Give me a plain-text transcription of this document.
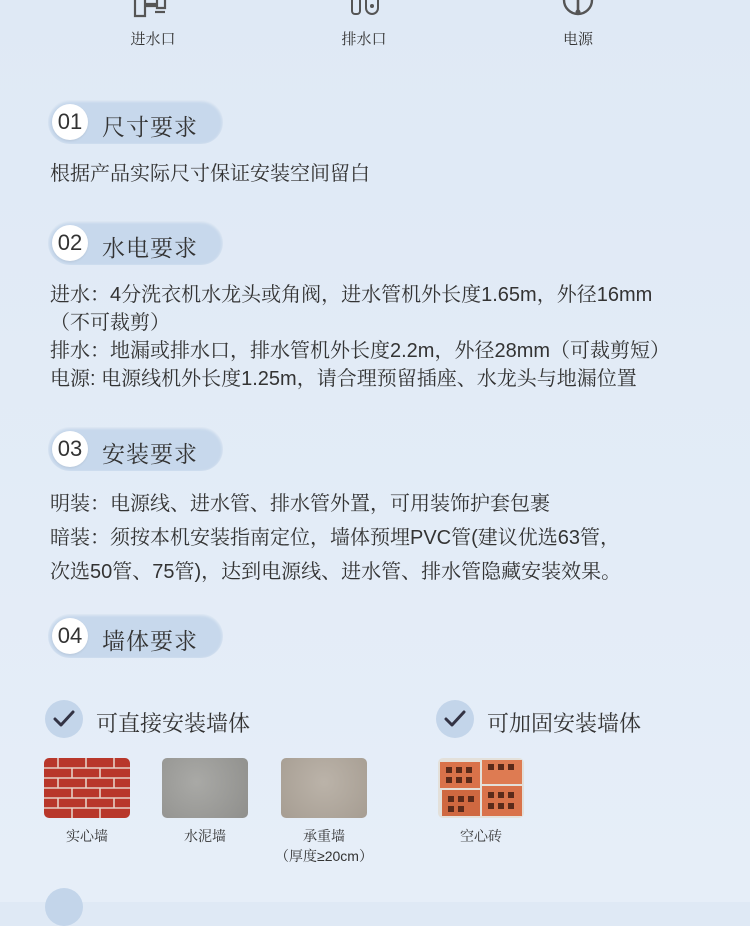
进水口	排水口	电源
01 尺寸要求
根据产品实际尺寸保证安装空间留白
02 水电要求
进水：4分洗衣机水龙头或角阀，进水管机外长度1.65m，外径16mm
（不可裁剪）
排水：地漏或排水口，排水管机外长度2.2m，外径28mm（可裁剪短）
电源: 电源线机外长度1.25m，请合理预留插座、水龙头与地漏位置
03 安装要求
明装：电源线、进水管、排水管外置，可用装饰护套包裹
暗装：须按本机安装指南定位，墙体预埋PVC管(建议优选63管，
次选50管、75管)，达到电源线、进水管、排水管隐藏安装效果。
04 墙体要求
可直接安装墙体	可加固安装墙体
实心墙	水泥墙	承重墙
（厚度≥20cm）
空心砖
